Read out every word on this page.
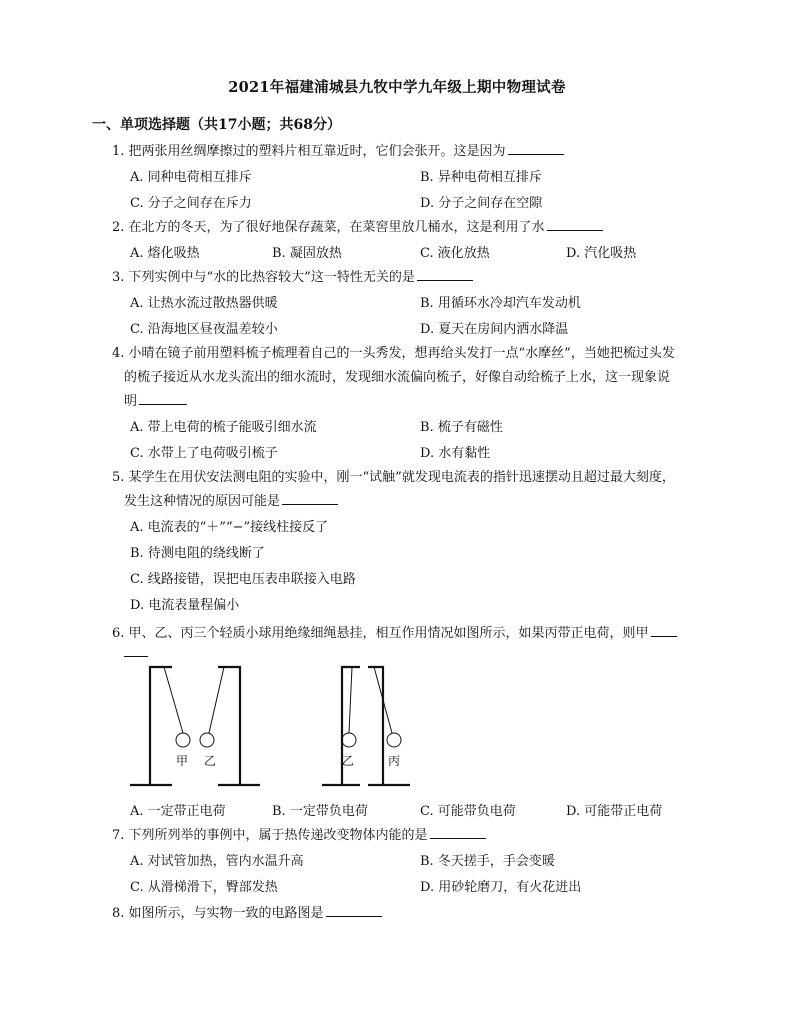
2021年福建浦城县九牧中学九年级上期中物理试卷
一、单项选择题（共17小题；共68分）
1. 把两张用丝绸摩擦过的塑料片相互靠近时，它们会张开。这是因为
A. 同种电荷相互排斥	B. 异种电荷相互排斥
C. 分子之间存在斥力	D. 分子之间存在空隙
2. 在北方的冬天，为了很好地保存蔬菜，在菜窖里放几桶水，这是利用了水
A. 熔化吸热	B. 凝固放热	C. 液化放热	D. 汽化吸热
3. 下列实例中与“水的比热容较大”这一特性无关的是
A. 让热水流过散热器供暖	B. 用循环水冷却汽车发动机
C. 沿海地区昼夜温差较小	D. 夏天在房间内洒水降温
4. 小晴在镜子前用塑料梳子梳理着自己的一头秀发，想再给头发打一点“水摩丝”，当她把梳过头发
的梳子接近从水龙头流出的细水流时，发现细水流偏向梳子，好像自动给梳子上水，这一现象说
明
A. 带上电荷的梳子能吸引细水流	B. 梳子有磁性
C. 水带上了电荷吸引梳子	D. 水有黏性
5. 某学生在用伏安法测电阻的实验中，刚一“试触”就发现电流表的指针迅速摆动且超过最大刻度，
发生这种情况的原因可能是
A. 电流表的“＋”“−”接线柱接反了
B. 待测电阻的绕线断了
C. 线路接错，误把电压表串联接入电路
D. 电流表量程偏小
6. 甲、乙、丙三个轻质小球用绝缘细绳悬挂，相互作用情况如图所示，如果丙带正电荷，则甲
甲 乙	乙	丙
A. 一定带正电荷	B. 一定带负电荷	C. 可能带负电荷	D. 可能带正电荷
7. 下列所列举的事例中，属于热传递改变物体内能的是
A. 对试管加热，管内水温升高	B. 冬天搓手，手会变暖
C. 从滑梯滑下，臀部发热	D. 用砂轮磨刀，有火花迸出
8. 如图所示，与实物一致的电路图是
